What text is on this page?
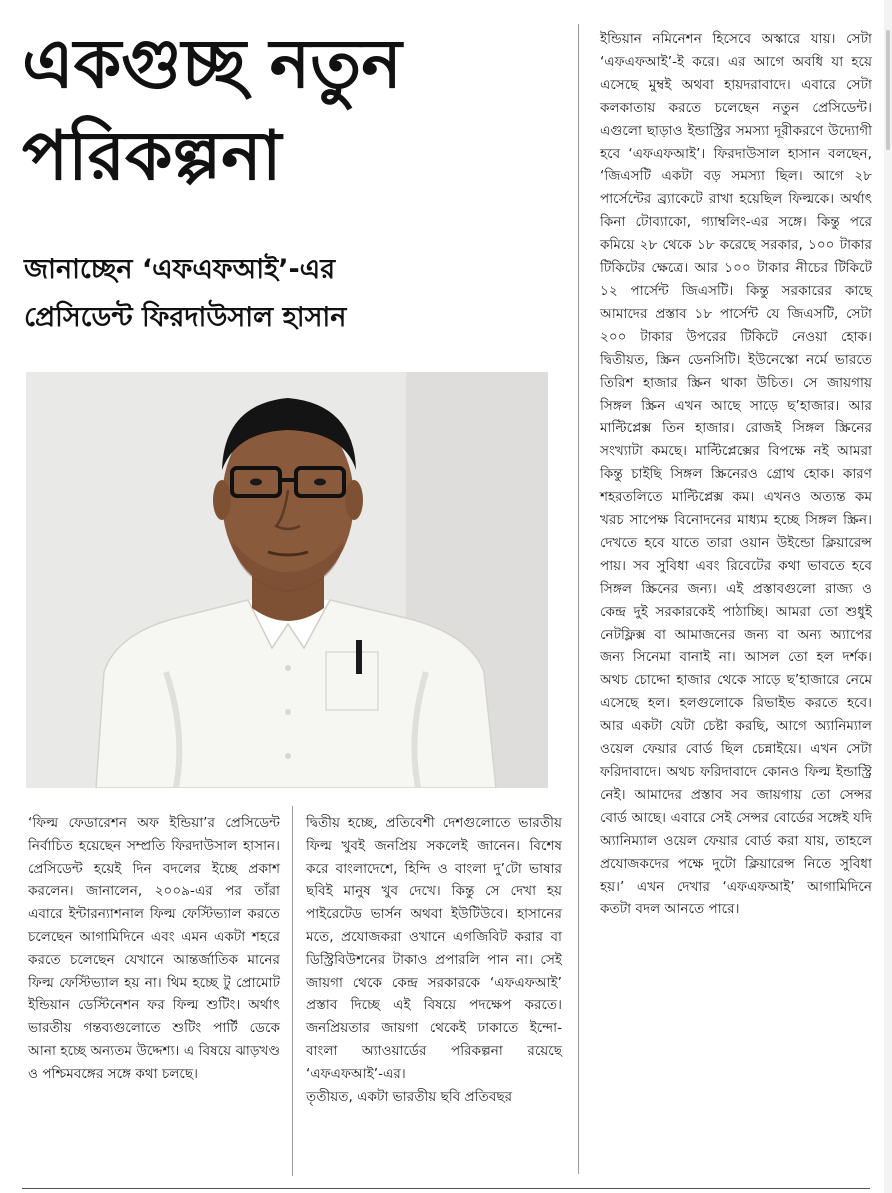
একগুচ্ছ নতুন
পরিকল্পনা
জানাচ্ছেন ‘এফএফআই’-এর
প্রেসিডেন্ট ফিরদাউসাল হাসান

‘ফিল্ম ফেডারেশন অফ ইন্ডিয়া’র প্রেসিডেন্ট নির্বাচিত হয়েছেন সম্প্রতি ফিরদাউসাল হাসান। প্রেসিডেন্ট হয়েই দিন বদলের ইচ্ছে প্রকাশ করলেন। জানালেন, ২০০৯-এর পর তাঁরা এবারে ইন্টারন্যাশনাল ফিল্ম ফেস্টিভ্যাল করতে চলেছেন আগামিদিনে এবং এমন একটা শহরে করতে চলেছেন যেখানে আন্তর্জাতিক মানের ফিল্ম ফেস্টিভ্যাল হয় না। থিম হচ্ছে টু প্রোমোট ইন্ডিয়ান ডেস্টিনেশন ফর ফিল্ম শুটিং। অর্থাৎ ভারতীয় গন্তব্যগুলোতে শুটিং পার্টি ডেকে আনা হচ্ছে অন্যতম উদ্দেশ্য। এ বিষয়ে ঝাড়খণ্ড ও পশ্চিমবঙ্গের সঙ্গে কথা চলছে।

দ্বিতীয় হচ্ছে, প্রতিবেশী দেশগুলোতে ভারতীয় ফিল্ম খুবই জনপ্রিয় সকলেই জানেন। বিশেষ করে বাংলাদেশে, হিন্দি ও বাংলা দু’টো ভাষার ছবিই মানুষ খুব দেখে। কিন্তু সে দেখা হয় পাইরেটেড ভার্সন অথবা ইউটিউবে। হাসানের মতে, প্রযোজকরা ওখানে এগজিবিট করার বা ডিস্ট্রিবিউশনের টাকাও প্রপারলি পান না। সেই জায়গা থেকে কেন্দ্র সরকারকে ‘এফএফআই’ প্রস্তাব দিচ্ছে এই বিষয়ে পদক্ষেপ করতে। জনপ্রিয়তার জায়গা থেকেই ঢাকাতে ইন্দো-বাংলা অ্যাওয়ার্ডের পরিকল্পনা রয়েছে ‘এফএফআই’-এর।

তৃতীয়ত, একটা ভারতীয় ছবি প্রতিবছর

ইন্ডিয়ান নমিনেশন হিসেবে অস্কারে যায়। সেটা ‘এফএফআই’-ই করে। এর আগে অবধি যা হয়ে এসেছে মুম্বই অথবা হায়দরাবাদে। এবারে সেটা কলকাতায় করতে চলেছেন নতুন প্রেসিডেন্ট। এগুলো ছাড়াও ইন্ডাস্ট্রির সমস্যা দূরীকরণে উদ্যোগী হবে ‘এফএফআই’। ফিরদাউসাল হাসান বলছেন, ‘জিএসটি একটা বড় সমস্যা ছিল। আগে ২৮ পার্সেন্টের ব্র্যাকেটে রাখা হয়েছিল ফিল্মকে। অর্থাৎ কিনা টোব্যাকো, গ্যাম্বলিং-এর সঙ্গে। কিন্তু পরে কমিয়ে ২৮ থেকে ১৮ করেছে সরকার, ১০০ টাকার টিকিটের ক্ষেত্রে। আর ১০০ টাকার নীচের টিকিটে ১২ পার্সেন্ট জিএসটি। কিন্তু সরকারের কাছে আমাদের প্রস্তাব ১৮ পার্সেন্ট যে জিএসটি, সেটা ২০০ টাকার উপরের টিকিটে নেওয়া হোক। দ্বিতীয়ত, স্ক্রিন ডেনসিটি। ইউনেস্কো নর্মে ভারতে তিরিশ হাজার স্ক্রিন থাকা উচিত। সে জায়গায় সিঙ্গল স্ক্রিন এখন আছে সাড়ে ছ’হাজার। আর মাল্টিপ্লেক্স তিন হাজার। রোজই সিঙ্গল স্ক্রিনের সংখ্যাটা কমছে। মাল্টিপ্লেক্সের বিপক্ষে নই আমরা কিন্তু চাইছি সিঙ্গল স্ক্রিনেরও গ্রোথ হোক। কারণ শহরতলিতে মাল্টিপ্লেক্স কম। এখনও অত্যন্ত কম খরচ সাপেক্ষ বিনোদনের মাধ্যম হচ্ছে সিঙ্গল স্ক্রিন। দেখতে হবে যাতে তারা ওয়ান উইন্ডো ক্লিয়ারেন্স পায়। সব সুবিধা এবং রিবেটের কথা ভাবতে হবে সিঙ্গল স্ক্রিনের জন্য। এই প্রস্তাবগুলো রাজ্য ও কেন্দ্র দুই সরকারকেই পাঠাচ্ছি। আমরা তো শুধুই নেটফ্লিক্স বা আমাজনের জন্য বা অন্য অ্যাপের জন্য সিনেমা বানাই না। আসল তো হল দর্শক। অথচ চোদ্দো হাজার থেকে সাড়ে ছ’হাজারে নেমে এসেছে হল। হলগুলোকে রিভাইভ করতে হবে। আর একটা যেটা চেষ্টা করছি, আগে অ্যানিম্যাল ওয়েল ফেয়ার বোর্ড ছিল চেন্নাইয়ে। এখন সেটা ফরিদাবাদে। অথচ ফরিদাবাদে কোনও ফিল্ম ইন্ডাস্ট্রি নেই। আমাদের প্রস্তাব সব জায়গায় তো সেন্সর বোর্ড আছে। এবারে সেই সেন্সর বোর্ডের সঙ্গেই যদি অ্যানিম্যাল ওয়েল ফেয়ার বোর্ড করা যায়, তাহলে প্রযোজকদের পক্ষে দুটো ক্লিয়ারেন্স নিতে সুবিধা হয়।’ এখন দেখার ‘এফএফআই’ আগামিদিনে কতটা বদল আনতে পারে।
